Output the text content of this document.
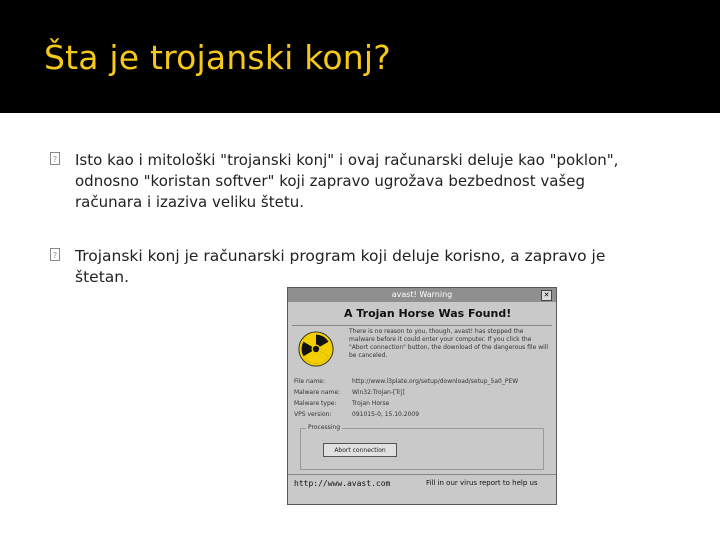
Šta je trojanski konj?
?	Isto kao i mitološki "trojanski konj" i ovaj računarski deluje kao "poklon",
odnosno "koristan softver" koji zapravo ugrožava bezbednost vašeg
računara i izaziva veliku štetu.
?	Trojanski konj je računarski program koji deluje korisno, a zapravo je
štetan.
avast! Warning	✕
A Trojan Horse Was Found!
There is no reason to you, though, avast! has stopped the
malware before it could enter your computer. If you click the
"Abort connection" button, the download of the dangerous file will
be canceled.
File name:	http://www.l3plate.org/setup/download/setup_5a0_PEW
Malware name: Win32:Trojan-[Trj]
Malware type:	Trojan Horse
VPS version:	091015-0, 15.10.2009
Processing
Abort connection
http://www.avast.com	Fill in our virus report to help us
